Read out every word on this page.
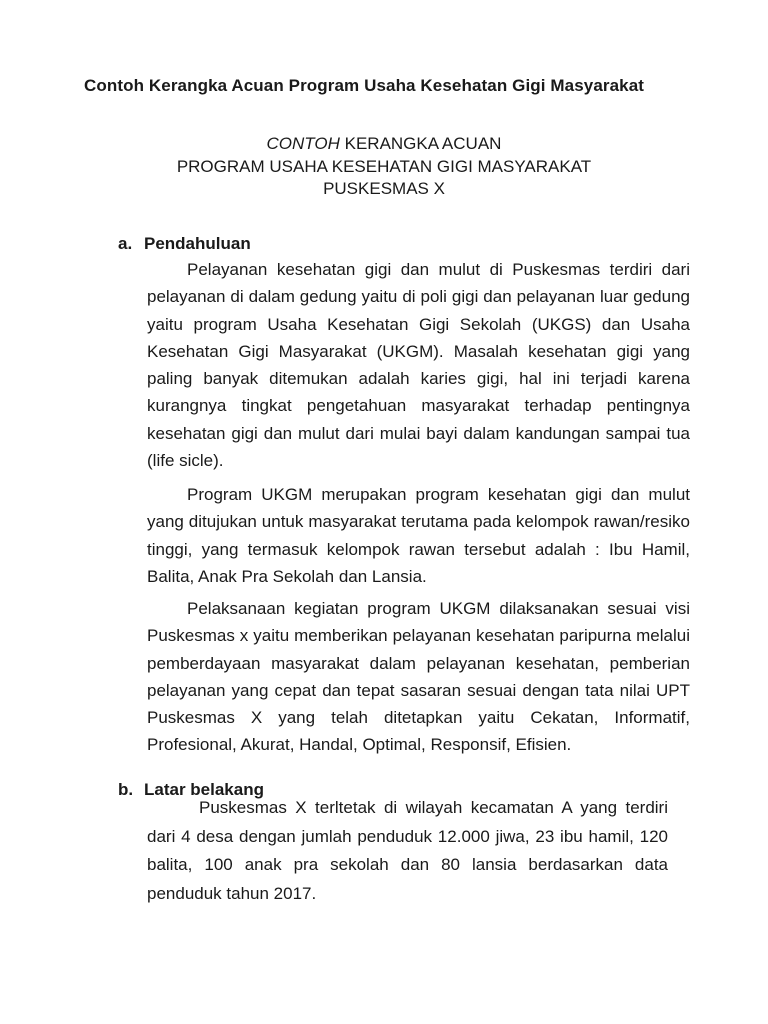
Contoh Kerangka Acuan Program Usaha Kesehatan Gigi Masyarakat
CONTOH KERANGKA ACUAN
PROGRAM USAHA KESEHATAN GIGI MASYARAKAT
PUSKESMAS X
a. Pendahuluan

Pelayanan kesehatan gigi dan mulut di Puskesmas terdiri dari pelayanan di dalam gedung yaitu di poli gigi dan pelayanan luar gedung yaitu program Usaha Kesehatan Gigi Sekolah (UKGS) dan Usaha Kesehatan Gigi Masyarakat (UKGM). Masalah kesehatan gigi yang paling banyak ditemukan adalah karies gigi, hal ini terjadi karena kurangnya tingkat pengetahuan masyarakat terhadap pentingnya kesehatan gigi dan mulut dari mulai bayi dalam kandungan sampai tua (life sicle).

Program UKGM merupakan program kesehatan gigi dan mulut yang ditujukan untuk masyarakat terutama pada kelompok rawan/resiko tinggi, yang termasuk kelompok rawan tersebut adalah : Ibu Hamil, Balita, Anak Pra Sekolah dan Lansia.

Pelaksanaan kegiatan program UKGM dilaksanakan sesuai visi Puskesmas x yaitu memberikan pelayanan kesehatan paripurna melalui pemberdayaan masyarakat dalam pelayanan kesehatan, pemberian pelayanan yang cepat dan tepat sasaran sesuai dengan tata nilai UPT Puskesmas X yang telah ditetapkan yaitu Cekatan, Informatif, Profesional, Akurat, Handal, Optimal, Responsif, Efisien.

b. Latar belakang

Puskesmas X terltetak di wilayah kecamatan A yang terdiri dari 4 desa dengan jumlah penduduk 12.000 jiwa, 23 ibu hamil, 120 balita, 100 anak pra sekolah dan 80 lansia berdasarkan data penduduk tahun 2017.
